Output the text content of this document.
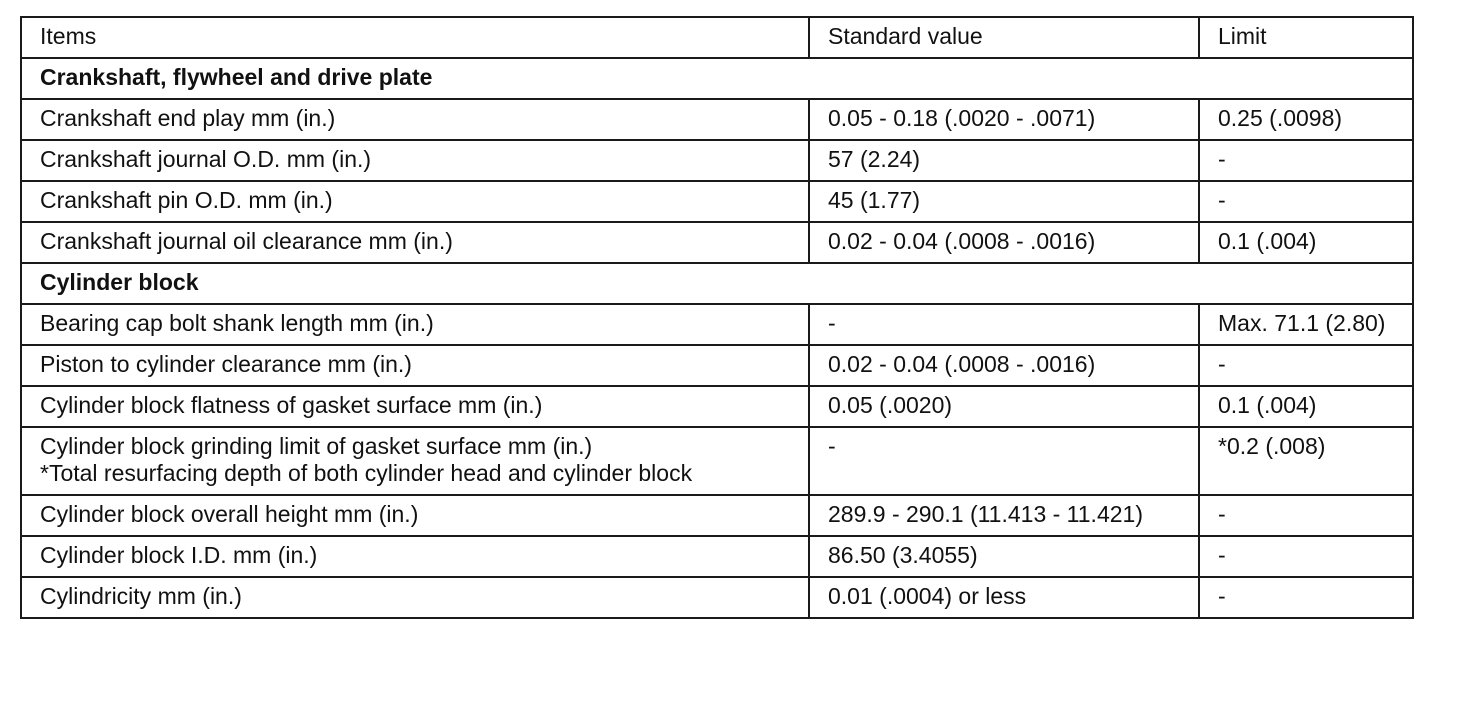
Items	Standard value	Limit
Crankshaft, flywheel and drive plate		
Crankshaft end play mm (in.)	0.05 - 0.18 (.0020 - .0071)	0.25 (.0098)
Crankshaft journal O.D. mm (in.)	57 (2.24)	-
Crankshaft pin O.D. mm (in.)	45 (1.77)	-
Crankshaft journal oil clearance mm (in.)	0.02 - 0.04 (.0008 - .0016)	0.1 (.004)
Cylinder block		
Bearing cap bolt shank length mm (in.)	-	Max. 71.1 (2.80)
Piston to cylinder clearance mm (in.)	0.02 - 0.04 (.0008 - .0016)	-
Cylinder block flatness of gasket surface mm (in.)	0.05 (.0020)	0.1 (.004)

Cylinder block grinding limit of gasket surface mm (in.)
*Total resurfacing depth of both cylinder head and cylinder block	-	*0.2 (.008)
Cylinder block overall height mm (in.)	289.9 - 290.1 (11.413 - 11.421)	-
Cylinder block I.D. mm (in.)	86.50 (3.4055)	-
Cylindricity mm (in.)	0.01 (.0004) or less	-
